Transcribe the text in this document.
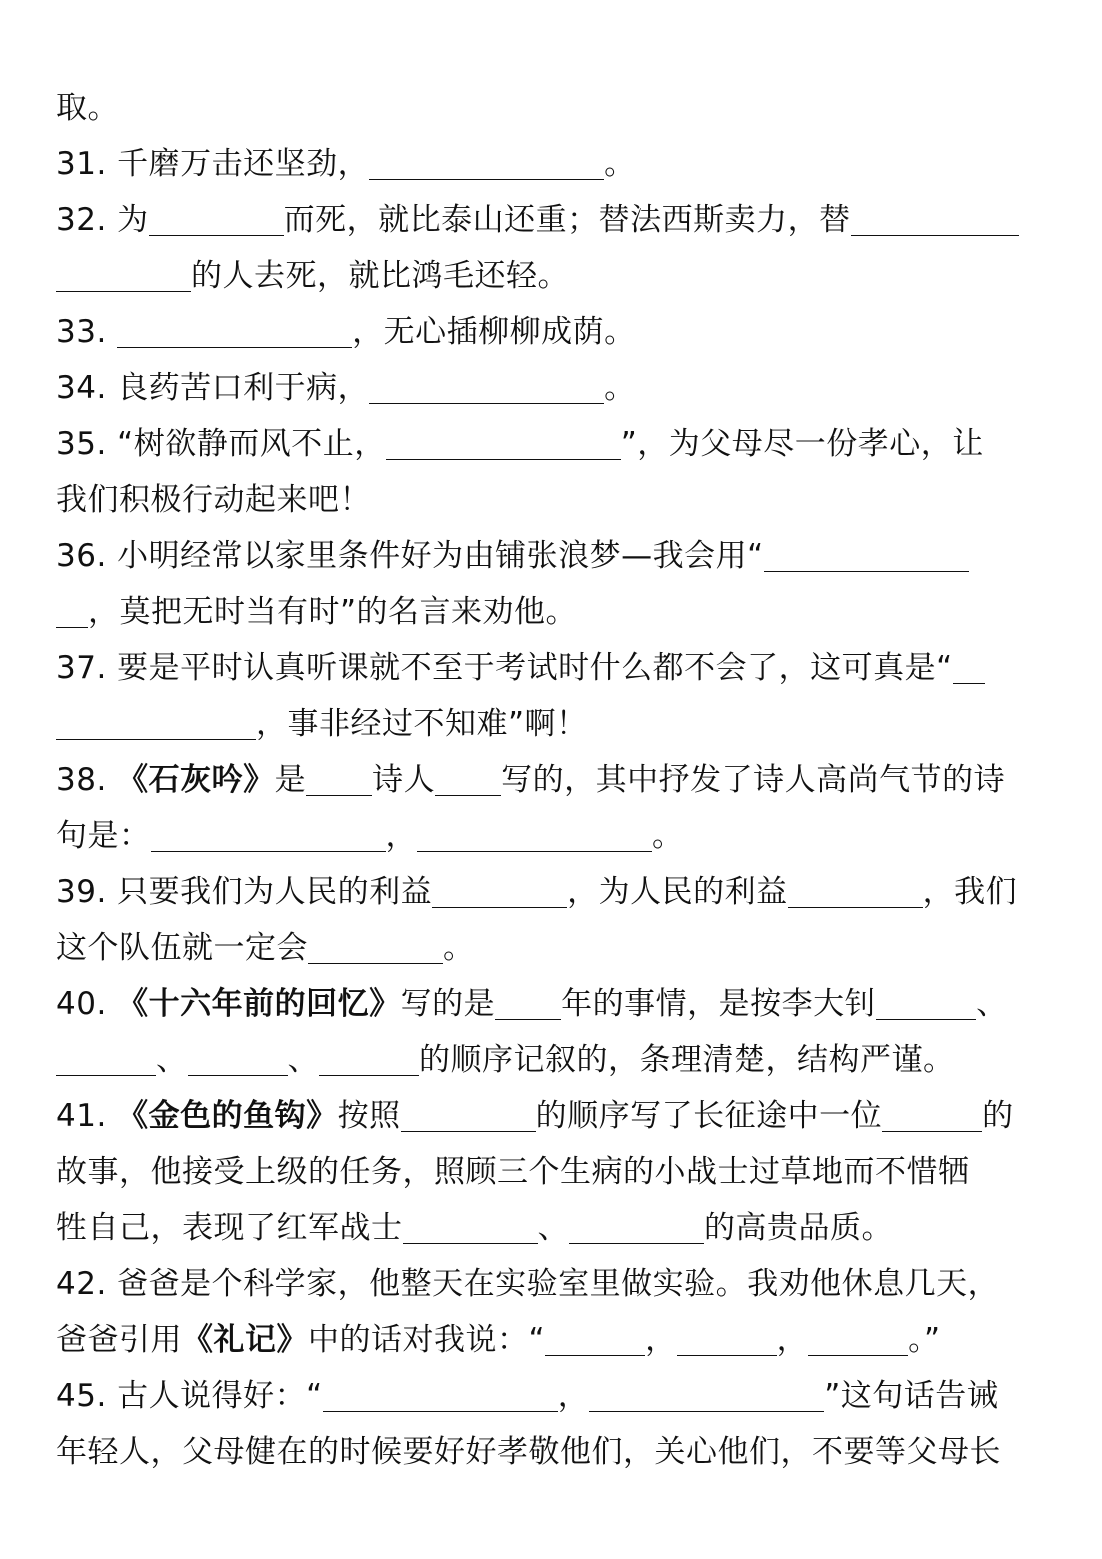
取。
31. 千磨万击还坚劲，	。
32. 为	而死，就比泰山还重；替法西斯卖力，替
的人去死，就比鸿毛还轻。
33.	，无心插柳柳成荫。
34. 良药苦口利于病，	。
35. “树欲静而风不止，	”，为父母尽一份孝心，让
我们积极行动起来吧！
36. 小明经常以家里条件好为由铺张浪梦—我会用“
，莫把无时当有时”的名言来劝他。
37. 要是平时认真听课就不至于考试时什么都不会了，这可真是“
，事非经过不知难”啊！
38. 《石灰吟》是 诗人 写的，其中抒发了诗人高尚气节的诗
句是：	，	。
39. 只要我们为人民的利益	，为人民的利益	，我们
这个队伍就一定会	。
40. 《十六年前的回忆》写的是 年的事情，是按李大钊	、
、	、	的顺序记叙的，条理清楚，结构严谨。
41. 《金色的鱼钩》按照	的顺序写了长征途中一位	的
故事，他接受上级的任务，照顾三个生病的小战士过草地而不惜牺
牲自己，表现了红军战士	、	的高贵品质。
42. 爸爸是个科学家，他整天在实验室里做实验。我劝他休息几天，
爸爸引用《礼记》中的话对我说：“	，	，	。”
45. 古人说得好：“	，	”这句话告诫
年轻人，父母健在的时候要好好孝敬他们，关心他们，不要等父母长
